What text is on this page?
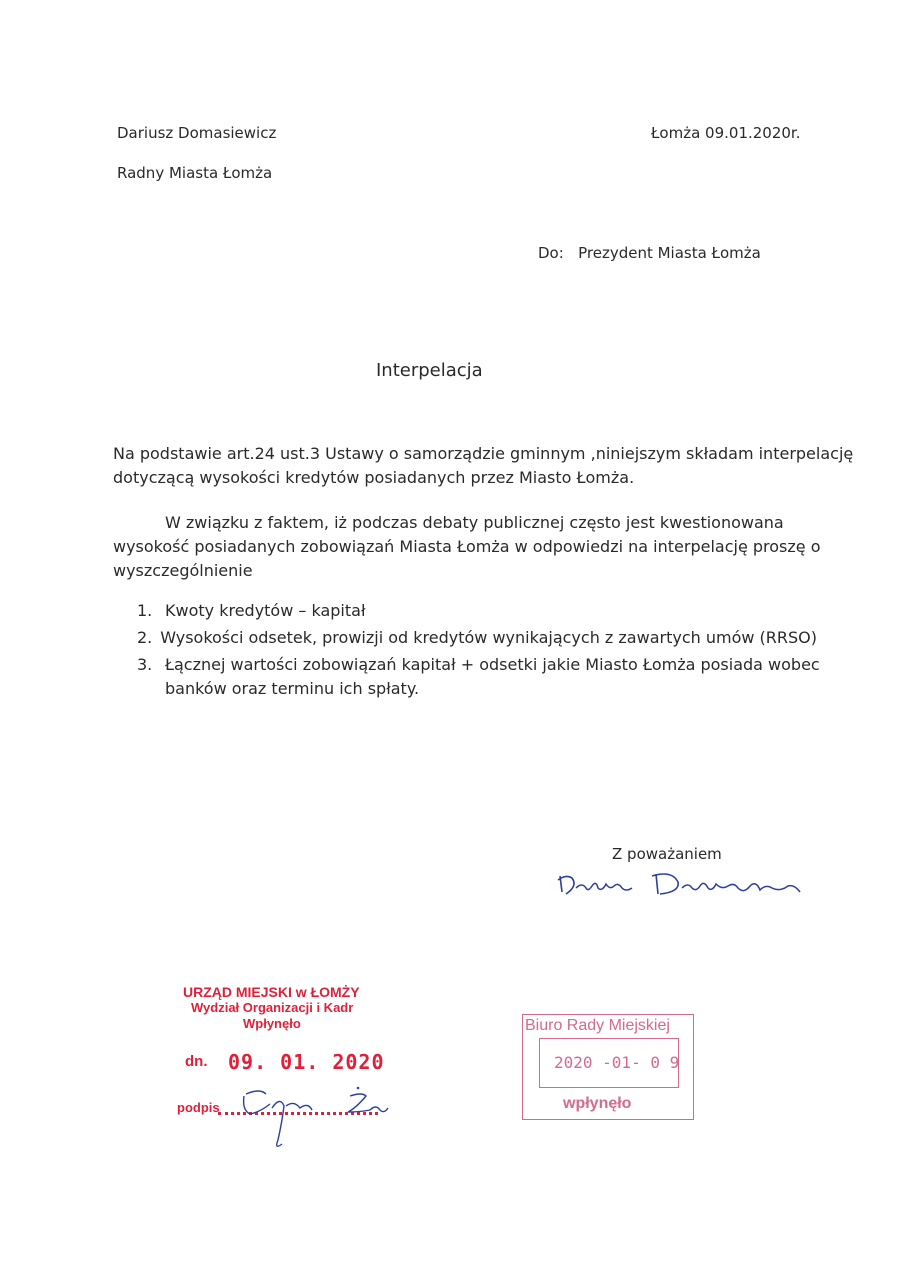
Dariusz Domasiewicz
Radny Miasta Łomża
Łomża 09.01.2020r.
Do: Prezydent Miasta Łomża
Interpelacja
Na podstawie art.24 ust.3 Ustawy o samorządzie gminnym ,niniejszym składam interpelację
dotyczącą wysokości kredytów posiadanych przez Miasto Łomża.
W związku z faktem, iż podczas debaty publicznej często jest kwestionowana
wysokość posiadanych zobowiązań Miasta Łomża w odpowiedzi na interpelację proszę o
wyszczególnienie
1. Kwoty kredytów – kapitał
2. Wysokości odsetek, prowizji od kredytów wynikających z zawartych umów (RRSO)
3. Łącznej wartości zobowiązań kapitał + odsetki jakie Miasto Łomża posiada wobec
banków oraz terminu ich spłaty.
Z poważaniem
URZĄD MIEJSKI w ŁOMŻY
Wydział Organizacji i Kadr
Wpłynęło
dn. 09. 01. 2020
podpis
Biuro Rady Miejskiej
2020 -01- 0 9
wpłynęło
